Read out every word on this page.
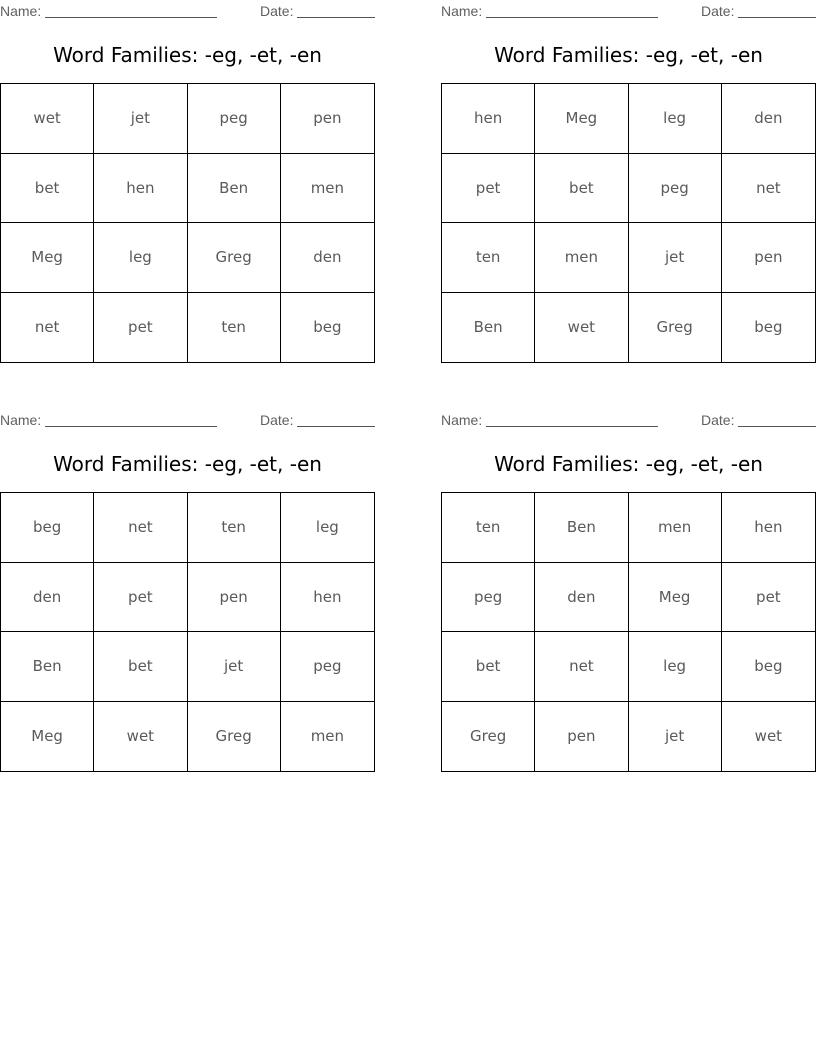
Name:	Date:
Word Families: -eg, -et, -en
wet	jet	peg	pen
bet	hen	Ben	men
Meg	leg	Greg	den
net	pet	ten	beg
Name:	Date:
Word Families: -eg, -et, -en
hen	Meg	leg	den
pet	bet	peg	net
ten	men	jet	pen
Ben	wet	Greg	beg
Name:	Date:
Word Families: -eg, -et, -en
beg	net	ten	leg
den	pet	pen	hen
Ben	bet	jet	peg
Meg	wet	Greg	men
Name:	Date:
Word Families: -eg, -et, -en
ten	Ben	men	hen
peg	den	Meg	pet
bet	net	leg	beg
Greg	pen	jet	wet
